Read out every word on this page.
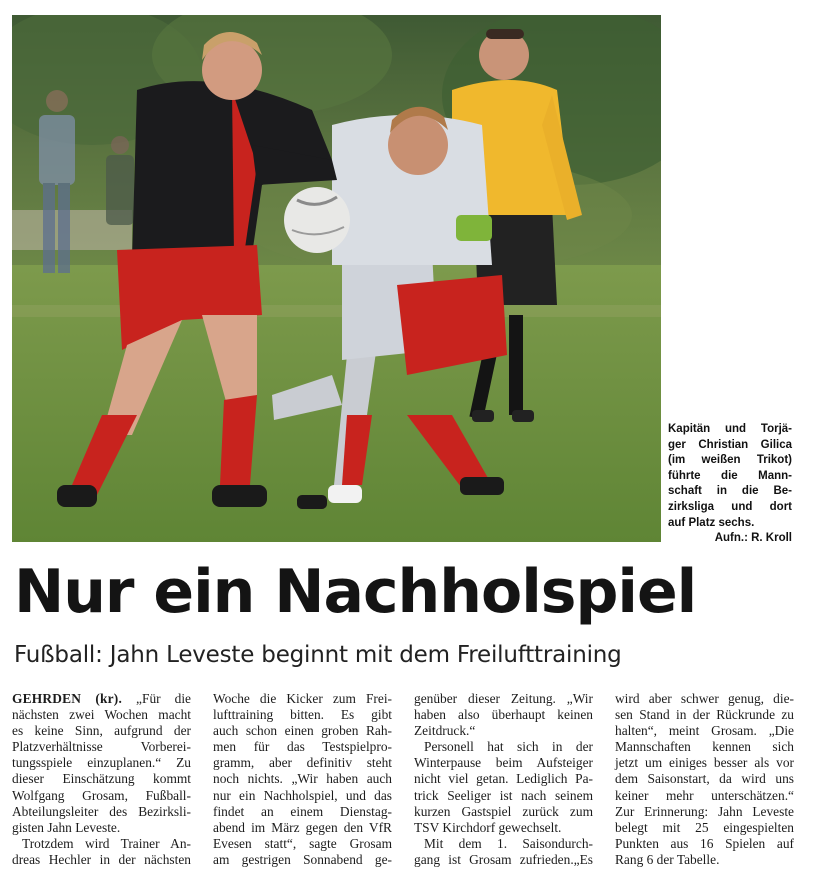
Kapitän und Torjä-
ger Christian Gilica
(im weißen Trikot)
führte die Mann-
schaft in die Be-
zirksliga und dort
auf Platz sechs.
Aufn.: R. Kroll
Nur ein Nachholspiel
Fußball: Jahn Leveste beginnt mit dem Freilufttraining
GEHRDEN (kr). „Für die
nächsten zwei Wochen macht
es keine Sinn, aufgrund der
Platzverhältnisse Vorberei-
tungsspiele einzuplanen.“ Zu
dieser Einschätzung kommt
Wolfgang Grosam, Fußball-
Abteilungsleiter des Bezirksli-
gisten Jahn Leveste.
Trotzdem wird Trainer An-
dreas Hechler in der nächsten
Woche die Kicker zum Frei-
lufttraining bitten. Es gibt
auch schon einen groben Rah-
men für das Testspielpro-
gramm, aber definitiv steht
noch nichts. „Wir haben auch
nur ein Nachholspiel, und das
findet an einem Dienstag-
abend im März gegen den VfR
Evesen statt“, sagte Grosam
am gestrigen Sonnabend ge-
genüber dieser Zeitung. „Wir
haben also überhaupt keinen
Zeitdruck.“
Personell hat sich in der
Winterpause beim Aufsteiger
nicht viel getan. Lediglich Pa-
trick Seeliger ist nach seinem
kurzen Gastspiel zurück zum
TSV Kirchdorf gewechselt.
Mit dem 1. Saisondurch-
gang ist Grosam zufrieden.„Es
wird aber schwer genug, die-
sen Stand in der Rückrunde zu
halten“, meint Grosam. „Die
Mannschaften kennen sich
jetzt um einiges besser als vor
dem Saisonstart, da wird uns
keiner mehr unterschätzen.“
Zur Erinnerung: Jahn Leveste
belegt mit 25 eingespielten
Punkten aus 16 Spielen auf
Rang 6 der Tabelle.
